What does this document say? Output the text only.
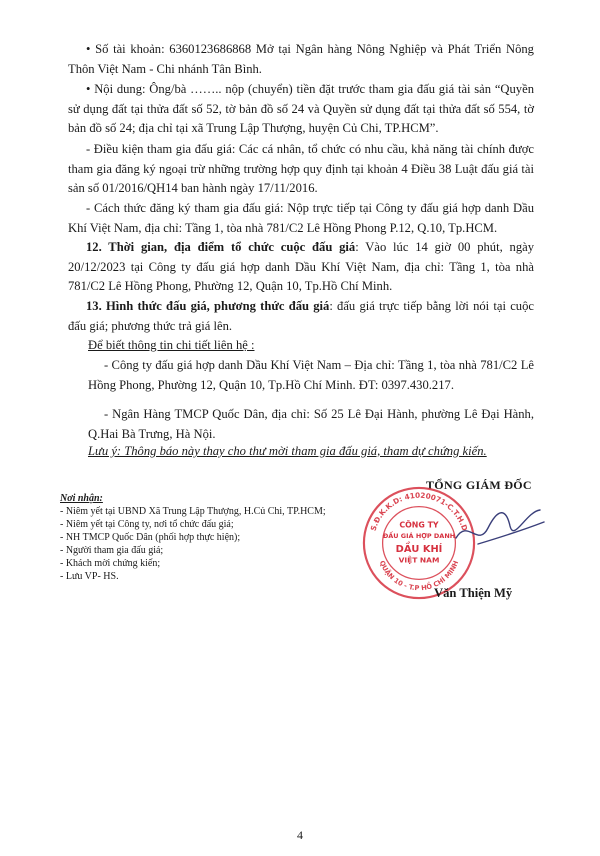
• Số tài khoản: 6360123686868 Mở tại Ngân hàng Nông Nghiệp và Phát Triển Nông Thôn Việt Nam - Chi nhánh Tân Bình.

• Nội dung: Ông/bà …….. nộp (chuyển) tiền đặt trước tham gia đấu giá tài sản “Quyền sử dụng đất tại thửa đất số 52, tờ bản đồ số 24 và Quyền sử dụng đất tại thửa đất số 554, tờ bản đồ số 24; địa chỉ tại xã Trung Lập Thượng, huyện Củ Chi, TP.HCM”.

- Điều kiện tham gia đấu giá: Các cá nhân, tổ chức có nhu cầu, khả năng tài chính được tham gia đăng ký ngoại trừ những trường hợp quy định tại khoản 4 Điều 38 Luật đấu giá tài sản số 01/2016/QH14 ban hành ngày 17/11/2016.

- Cách thức đăng ký tham gia đấu giá: Nộp trực tiếp tại Công ty đấu giá hợp danh Dầu Khí Việt Nam, địa chỉ: Tầng 1, tòa nhà 781/C2 Lê Hồng Phong P.12, Q.10, Tp.HCM.

12. Thời gian, địa điểm tổ chức cuộc đấu giá: Vào lúc 14 giờ 00 phút, ngày 20/12/2023 tại Công ty đấu giá hợp danh Dầu Khí Việt Nam, địa chỉ: Tầng 1, tòa nhà 781/C2 Lê Hồng Phong, Phường 12, Quận 10, Tp.Hồ Chí Minh.

13. Hình thức đấu giá, phương thức đấu giá: đấu giá trực tiếp bằng lời nói tại cuộc đấu giá; phương thức trả giá lên.

Để biết thông tin chi tiết liên hệ :

- Công ty đấu giá hợp danh Dầu Khí Việt Nam – Địa chỉ: Tầng 1, tòa nhà 781/C2 Lê Hồng Phong, Phường 12, Quận 10, Tp.Hồ Chí Minh. ĐT: 0397.430.217.

- Ngân Hàng TMCP Quốc Dân, địa chỉ: Số 25 Lê Đại Hành, phường Lê Đại Hành, Q.Hai Bà Trưng, Hà Nội.

Lưu ý: Thông báo này thay cho thư mời tham gia đấu giá, tham dự chứng kiến.
TỔNG GIÁM ĐỐC
Nơi nhận:
- Niêm yết tại UBND Xã Trung Lập Thượng, H.Củ Chi, TP.HCM;
- Niêm yết tại Công ty, nơi tổ chức đấu giá;
- NH TMCP Quốc Dân (phối hợp thực hiện);
- Người tham gia đấu giá;
- Khách mời chứng kiến;
- Lưu VP- HS.
S.Đ.K.K.D: 41020071-C.T.H.D
QUẬN 10 - T.P HỒ CHÍ MINH
CÔNG TY
ĐẤU GIÁ HỢP DANH
DẦU KHÍ
VIỆT NAM
Văn Thiện Mỹ
4
